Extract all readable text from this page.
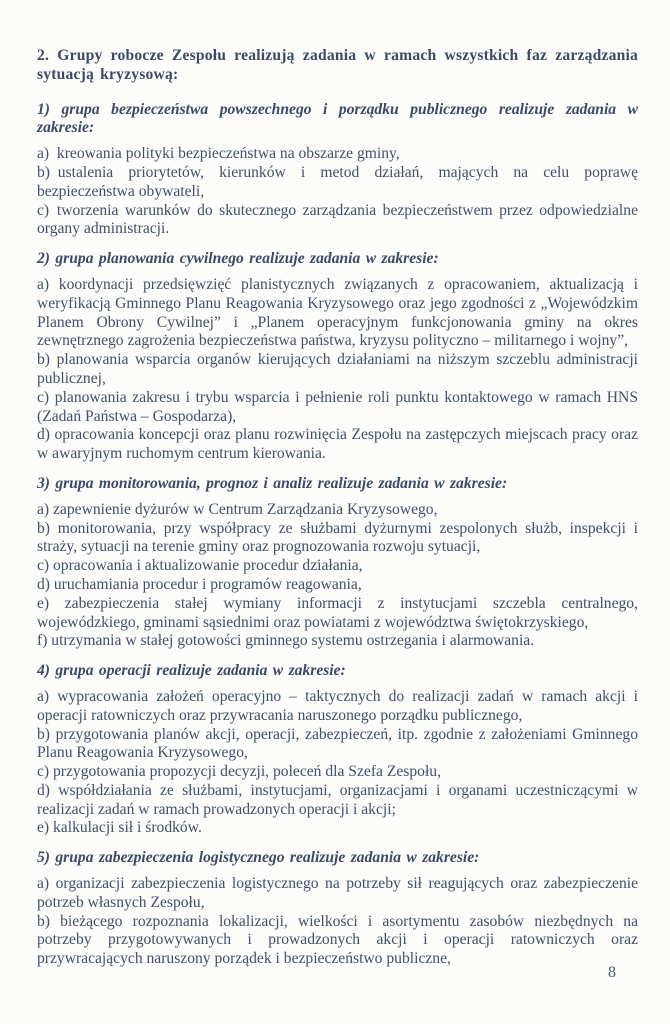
2. Grupy robocze Zespołu realizują zadania w ramach wszystkich faz zarządzania sytuacją kryzysową:

1) grupa bezpieczeństwa powszechnego i porządku publicznego realizuje zadania w zakresie:

a) kreowania polityki bezpieczeństwa na obszarze gminy,

b) ustalenia priorytetów, kierunków i metod działań, mających na celu poprawę bezpieczeństwa obywateli,

c) tworzenia warunków do skutecznego zarządzania bezpieczeństwem przez odpowiedzialne organy administracji.

2) grupa planowania cywilnego realizuje zadania w zakresie:

a) koordynacji przedsięwzięć planistycznych związanych z opracowaniem, aktualizacją i weryfikacją Gminnego Planu Reagowania Kryzysowego oraz jego zgodności z „Wojewódzkim Planem Obrony Cywilnej” i „Planem operacyjnym funkcjonowania gminy na okres zewnętrznego zagrożenia bezpieczeństwa państwa, kryzysu polityczno – militarnego i wojny”,

b) planowania wsparcia organów kierujących działaniami na niższym szczeblu administracji publicznej,

c) planowania zakresu i trybu wsparcia i pełnienie roli punktu kontaktowego w ramach HNS (Zadań Państwa – Gospodarza),

d) opracowania koncepcji oraz planu rozwinięcia Zespołu na zastępczych miejscach pracy oraz w awaryjnym ruchomym centrum kierowania.

3) grupa monitorowania, prognoz i analiz realizuje zadania w zakresie:

a) zapewnienie dyżurów w Centrum Zarządzania Kryzysowego,

b) monitorowania, przy współpracy ze służbami dyżurnymi zespolonych służb, inspekcji i straży, sytuacji na terenie gminy oraz prognozowania rozwoju sytuacji,

c) opracowania i aktualizowanie procedur działania,

d) uruchamiania procedur i programów reagowania,

e) zabezpieczenia stałej wymiany informacji z instytucjami szczebla centralnego, wojewódzkiego, gminami sąsiednimi oraz powiatami z województwa świętokrzyskiego,

f) utrzymania w stałej gotowości gminnego systemu ostrzegania i alarmowania.

4) grupa operacji realizuje zadania w zakresie:

a) wypracowania założeń operacyjno – taktycznych do realizacji zadań w ramach akcji i operacji ratowniczych oraz przywracania naruszonego porządku publicznego,

b) przygotowania planów akcji, operacji, zabezpieczeń, itp. zgodnie z założeniami Gminnego Planu Reagowania Kryzysowego,

c) przygotowania propozycji decyzji, poleceń dla Szefa Zespołu,

d) współdziałania ze służbami, instytucjami, organizacjami i organami uczestniczącymi w realizacji zadań w ramach prowadzonych operacji i akcji;

e) kalkulacji sił i środków.

5) grupa zabezpieczenia logistycznego realizuje zadania w zakresie:

a) organizacji zabezpieczenia logistycznego na potrzeby sił reagujących oraz zabezpieczenie potrzeb własnych Zespołu,

b) bieżącego rozpoznania lokalizacji, wielkości i asortymentu zasobów niezbędnych na potrzeby przygotowywanych i prowadzonych akcji i operacji ratowniczych oraz przywracających naruszony porządek i bezpieczeństwo publiczne,

8
